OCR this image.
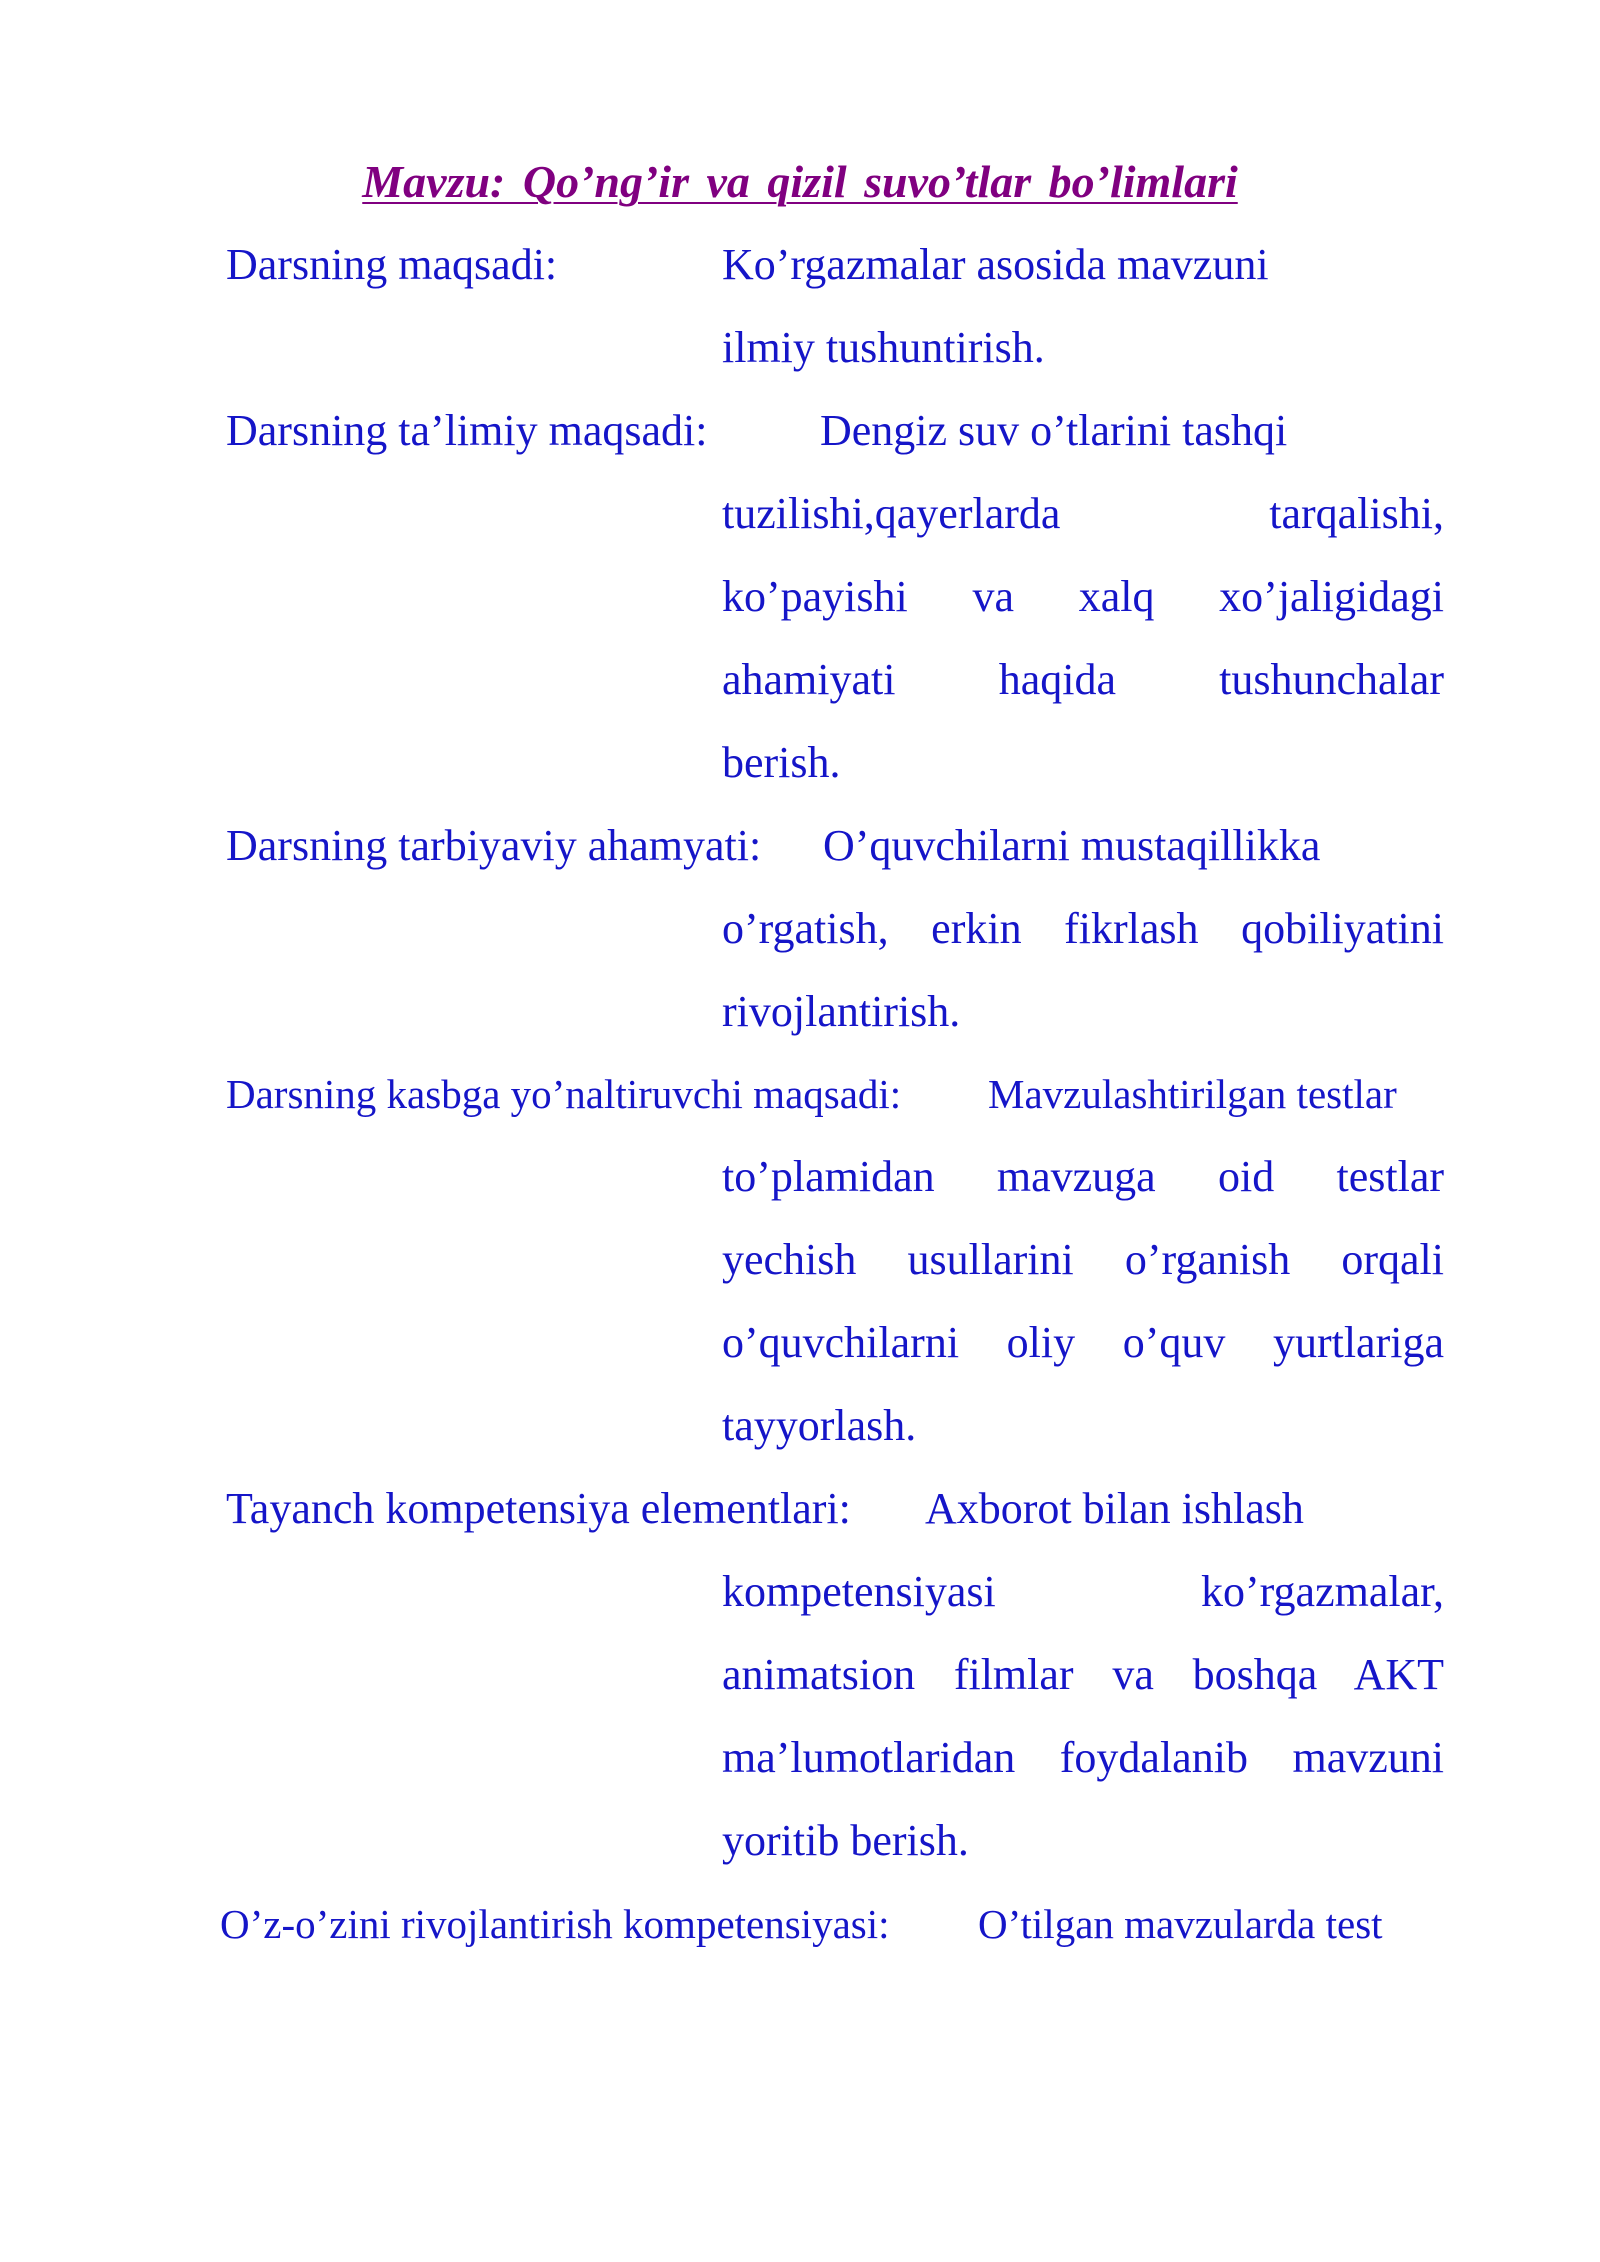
Mavzu: Qo’ng’ir va qizil suvo’tlar bo’limlari
Darsning maqsadi:	Ko’rgazmalar asosida mavzuni
ilmiy tushuntirish.
Darsning ta’limiy maqsadi:	Dengiz suv o’tlarini tashqi
tuzilishi,qayerlarda tarqalishi,
ko’payishi va xalq xo’jaligidagi
ahamiyati haqida tushunchalar
berish.
Darsning tarbiyaviy ahamyati: O’quvchilarni mustaqillikka
o’rgatish, erkin fikrlash qobiliyatini
rivojlantirish.
Darsning kasbga yo’naltiruvchi maqsadi: Mavzulashtirilgan testlar
to’plamidan mavzuga oid testlar
yechish usullarini o’rganish orqali
o’quvchilarni oliy o’quv yurtlariga
tayyorlash.
Tayanch kompetensiya elementlari: Axborot bilan ishlash
kompetensiyasi ko’rgazmalar,
animatsion filmlar va boshqa AKT
ma’lumotlaridan foydalanib mavzuni
yoritib berish.
O’z-o’zini rivojlantirish kompetensiyasi: O’tilgan mavzularda test
